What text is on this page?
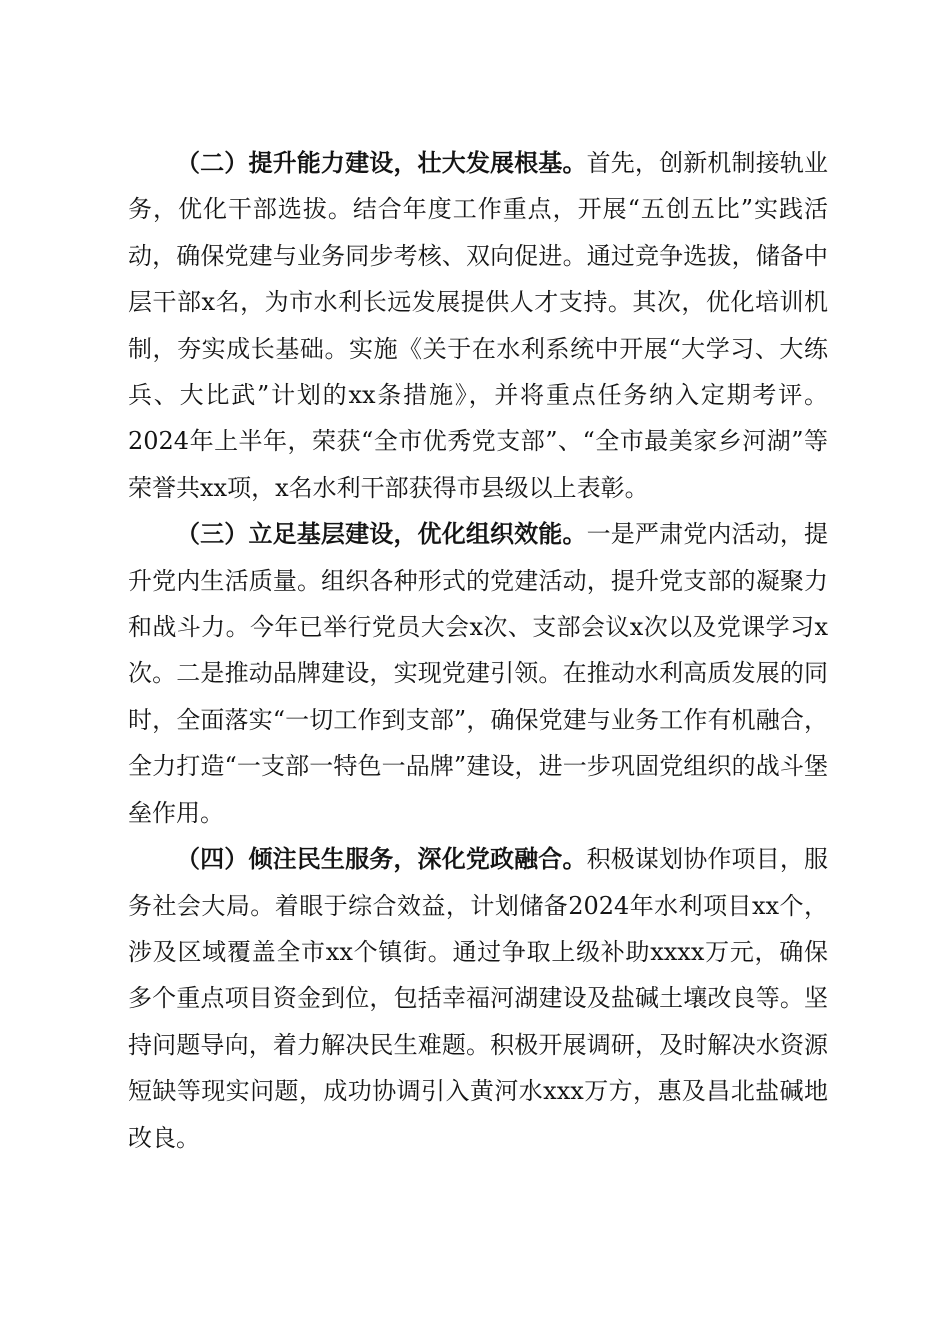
（二）提升能力建设，壮大发展根基。首先，创新机制接轨业务，优化干部选拔。结合年度工作重点，开展“五创五比”实践活动，确保党建与业务同步考核、双向促进。通过竞争选拔，储备中层干部x名，为市水利长远发展提供人才支持。其次，优化培训机制，夯实成长基础。实施《关于在水利系统中开展“大学习、大练兵、大比武”计划的xx条措施》，并将重点任务纳入定期考评。2024年上半年，荣获“全市优秀党支部”、“全市最美家乡河湖”等荣誉共xx项，x名水利干部获得市县级以上表彰。

（三）立足基层建设，优化组织效能。一是严肃党内活动，提升党内生活质量。组织各种形式的党建活动，提升党支部的凝聚力和战斗力。今年已举行党员大会x次、支部会议x次以及党课学习x次。二是推动品牌建设，实现党建引领。在推动水利高质发展的同时，全面落实“一切工作到支部”，确保党建与业务工作有机融合，全力打造“一支部一特色一品牌”建设，进一步巩固党组织的战斗堡垒作用。

（四）倾注民生服务，深化党政融合。积极谋划协作项目，服务社会大局。着眼于综合效益，计划储备2024年水利项目xx个，涉及区域覆盖全市xx个镇街。通过争取上级补助xxxx万元，确保多个重点项目资金到位，包括幸福河湖建设及盐碱土壤改良等。坚持问题导向，着力解决民生难题。积极开展调研，及时解决水资源短缺等现实问题，成功协调引入黄河水xxx万方，惠及昌北盐碱地改良。
